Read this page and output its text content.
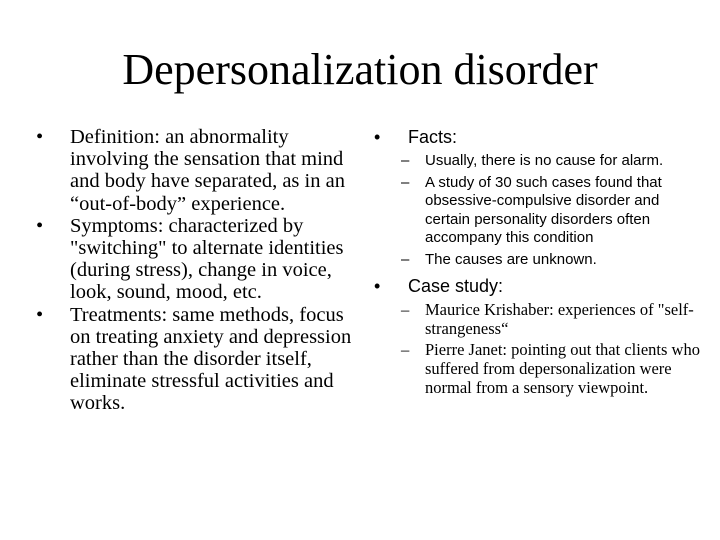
Depersonalization disorder
• Definition: an abnormality involving the sensation that mind and body have separated, as in an “out-of-body” experience.
• Symptoms: characterized by "switching" to alternate identities (during stress), change in voice, look, sound, mood, etc.
• Treatments: same methods, focus on treating anxiety and depression rather than the disorder itself, eliminate stressful activities and works.
• Facts:
– Usually, there is no cause for alarm.
– A study of 30 such cases found that obsessive-compulsive disorder and certain personality disorders often accompany this condition
– The causes are unknown.
• Case study:
– Maurice Krishaber: experiences of "self-strangeness“
– Pierre Janet: pointing out that clients who suffered from depersonalization were normal from a sensory viewpoint.
